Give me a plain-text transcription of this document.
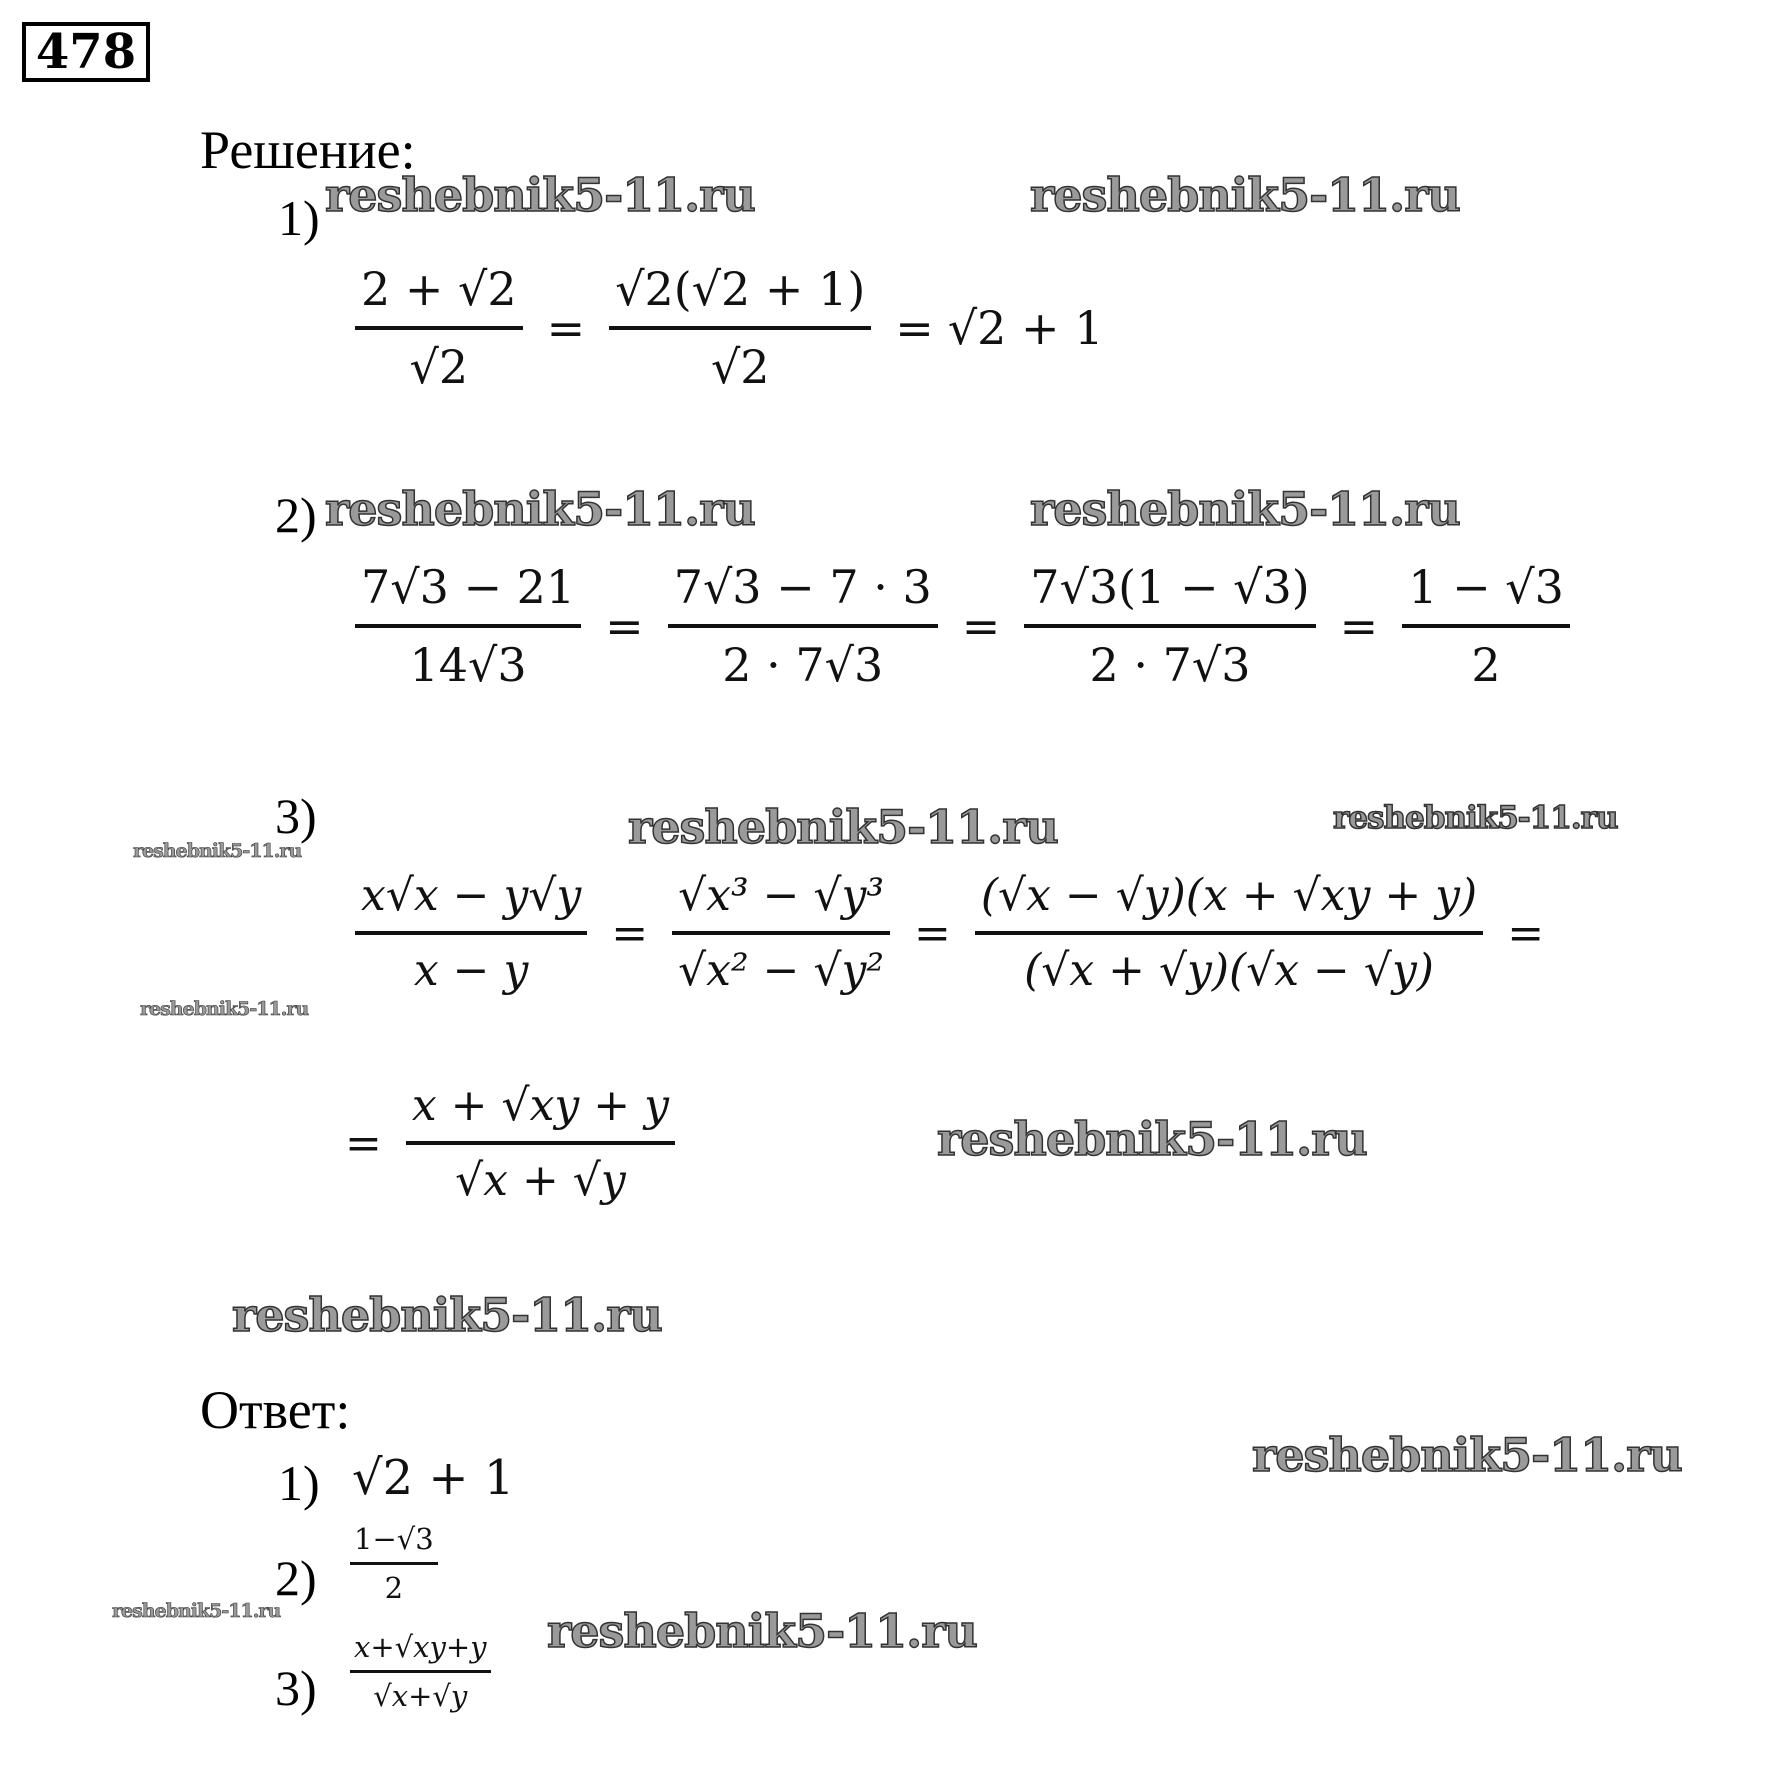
478
Решение:
Ответ:
reshebnik5-11.ru	reshebnik5-11.ru
reshebnik5-11.ru	reshebnik5-11.ru
reshebnik5-11.ru	reshebnik5-11.ru
reshebnik5-11.ru
reshebnik5-11.ru
reshebnik5-11.ru
reshebnik5-11.ru
reshebnik5-11.ru
reshebnik5-11.ru	reshebnik5-11.ru
1)
$\frac{2 + √2}{√2} = \frac{√2(√2 + 1)}{√2} = √2 + 1$
2)
$\frac{7√3 - 21}{14√3} = \frac{7√3 - 7 \cdot 3}{2 \cdot 7√3} = \frac{7√3(1 - √3)}{2 \cdot 7√3} = \frac{1 - √3}{2}$
3)
$\frac{x√x - y√y}{x - y} = \frac{\text{√x³ − √y³}}{\text{√x² − √y²}} = \frac{(√x - √y)(x + √xy + y)}{(√x + √y)(√x - √y)}$ =
= $\frac{x + √xy + y}{√x + √y}$
1) √2 + 1
$2) \frac{1-√3}{2}$
$3) \frac{x+√xy+y}{√x+√y}$
